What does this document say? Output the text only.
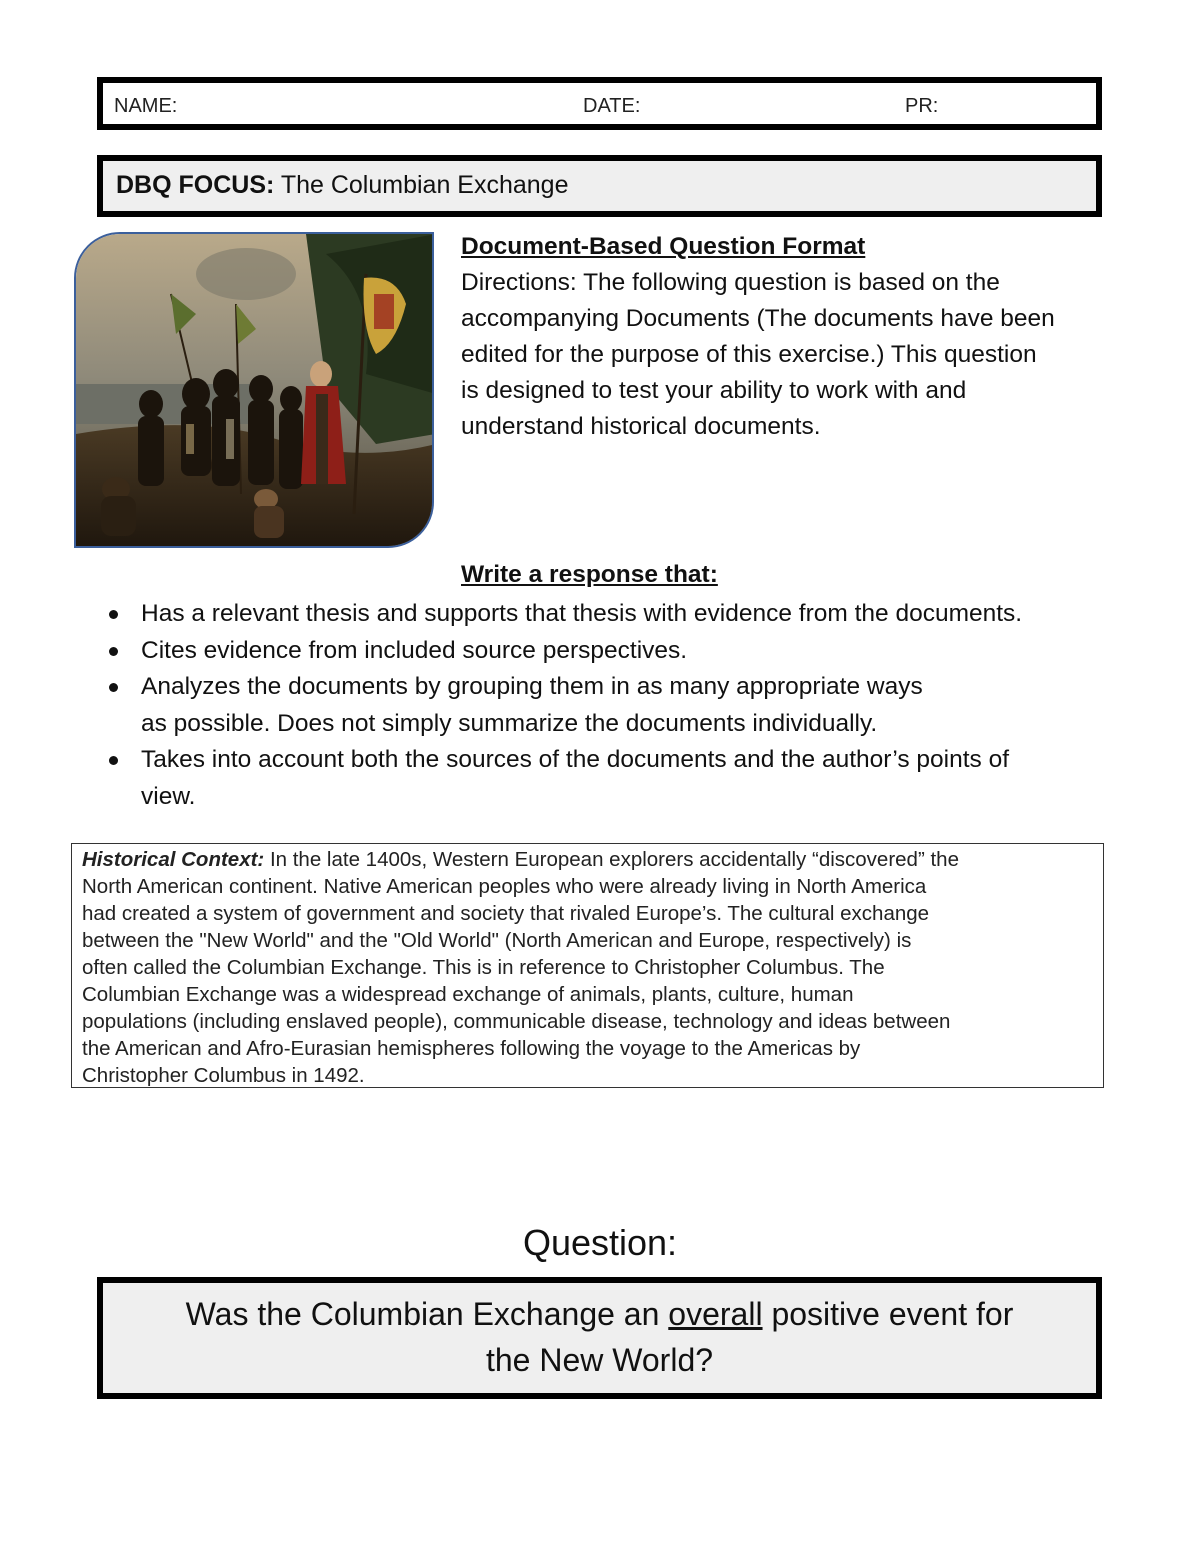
NAME:	DATE:	PR:
DBQ FOCUS: The Columbian Exchange
Document-Based Question Format
Directions: The following question is based on the
accompanying Documents (The documents have been
edited for the purpose of this exercise.) This question
is designed to test your ability to work with and
understand historical documents.
Write a response that:
Has a relevant thesis and supports that thesis with evidence from the documents.
Cites evidence from included source perspectives.
Analyzes the documents by grouping them in as many appropriate ways
as possible. Does not simply summarize the documents individually.
Takes into account both the sources of the documents and the author’s points of
view.
Historical Context: In the late 1400s, Western European explorers accidentally “discovered” the
North American continent. Native American peoples who were already living in North America
had created a system of government and society that rivaled Europe’s. The cultural exchange
between the "New World" and the "Old World" (North American and Europe, respectively) is
often called the Columbian Exchange. This is in reference to Christopher Columbus. The
Columbian Exchange was a widespread exchange of animals, plants, culture, human
populations (including enslaved people), communicable disease, technology and ideas between
the American and Afro-Eurasian hemispheres following the voyage to the Americas by
Christopher Columbus in 1492.
Question:
Was the Columbian Exchange an overall positive event for
the New World?
